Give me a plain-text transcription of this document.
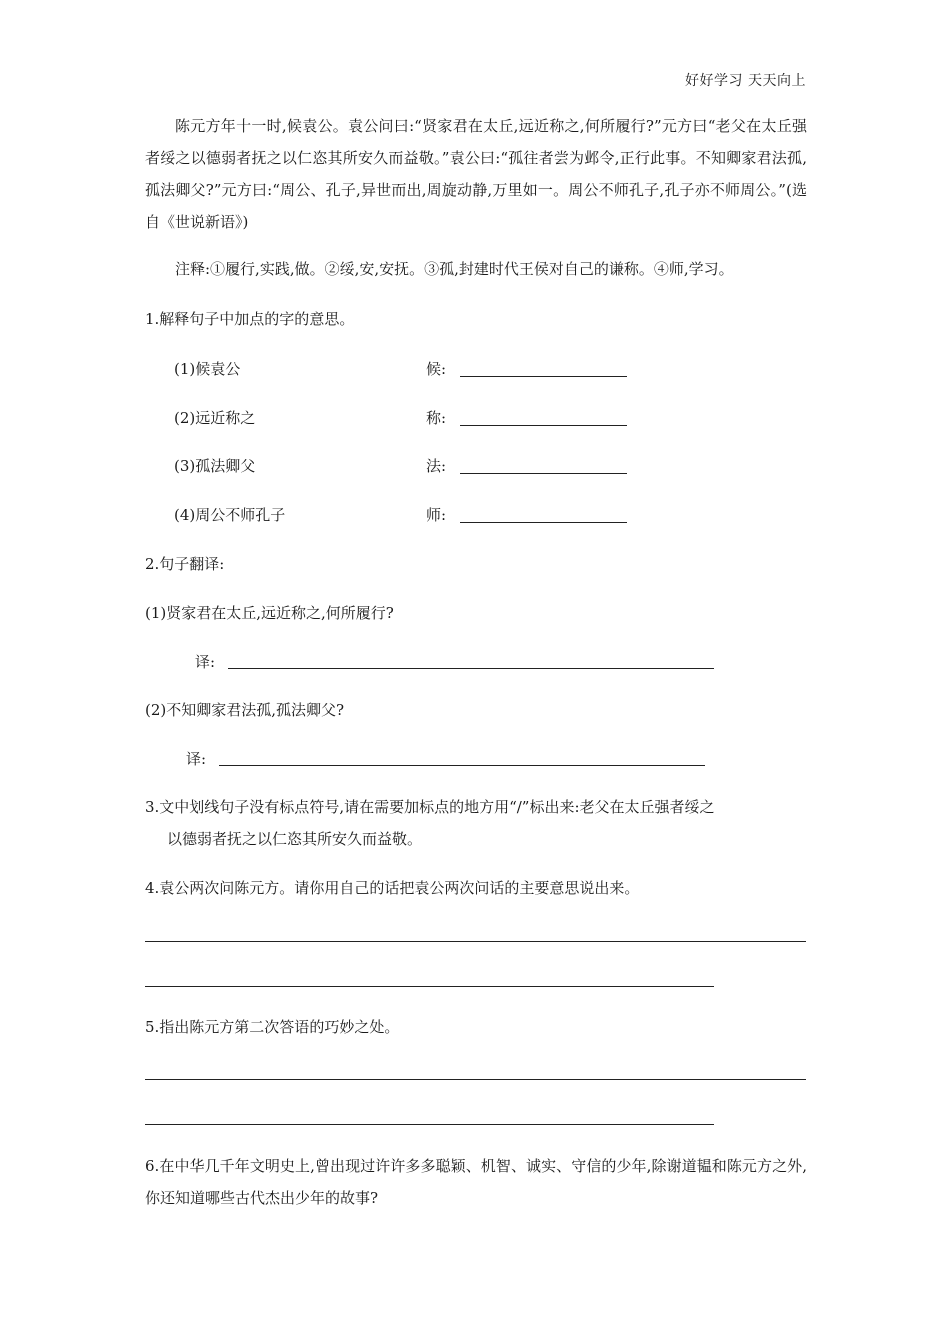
好好学习 天天向上
陈元方年十一时,候袁公。袁公问曰:“贤家君在太丘,远近称之,何所履行?”元方曰“老父在太丘强者绥之以德弱者抚之以仁恣其所安久而益敬。”袁公曰:“孤往者尝为邺令,正行此事。不知卿家君法孤,孤法卿父?”元方曰:“周公、孔子,异世而出,周旋动静,万里如一。周公不师孔子,孔子亦不师周公。”(选自《世说新语》)
注释:①履行,实践,做。②绥,安,安抚。③孤,封建时代王侯对自己的谦称。④师,学习。
1.解释句子中加点的字的意思。
(1)候袁公	候:
(2)远近称之	称:
(3)孤法卿父	法:
(4)周公不师孔子	师:
2.句子翻译:
(1)贤家君在太丘,远近称之,何所履行?
译:
(2)不知卿家君法孤,孤法卿父?
译:
3.文中划线句子没有标点符号,请在需要加标点的地方用“/”标出来:老父在太丘强者绥之
以德弱者抚之以仁恣其所安久而益敬。
4.袁公两次问陈元方。请你用自己的话把袁公两次问话的主要意思说出来。
5.指出陈元方第二次答语的巧妙之处。
6.在中华几千年文明史上,曾出现过许许多多聪颖、机智、诚实、守信的少年,除谢道韫和陈元方之外,你还知道哪些古代杰出少年的故事?
